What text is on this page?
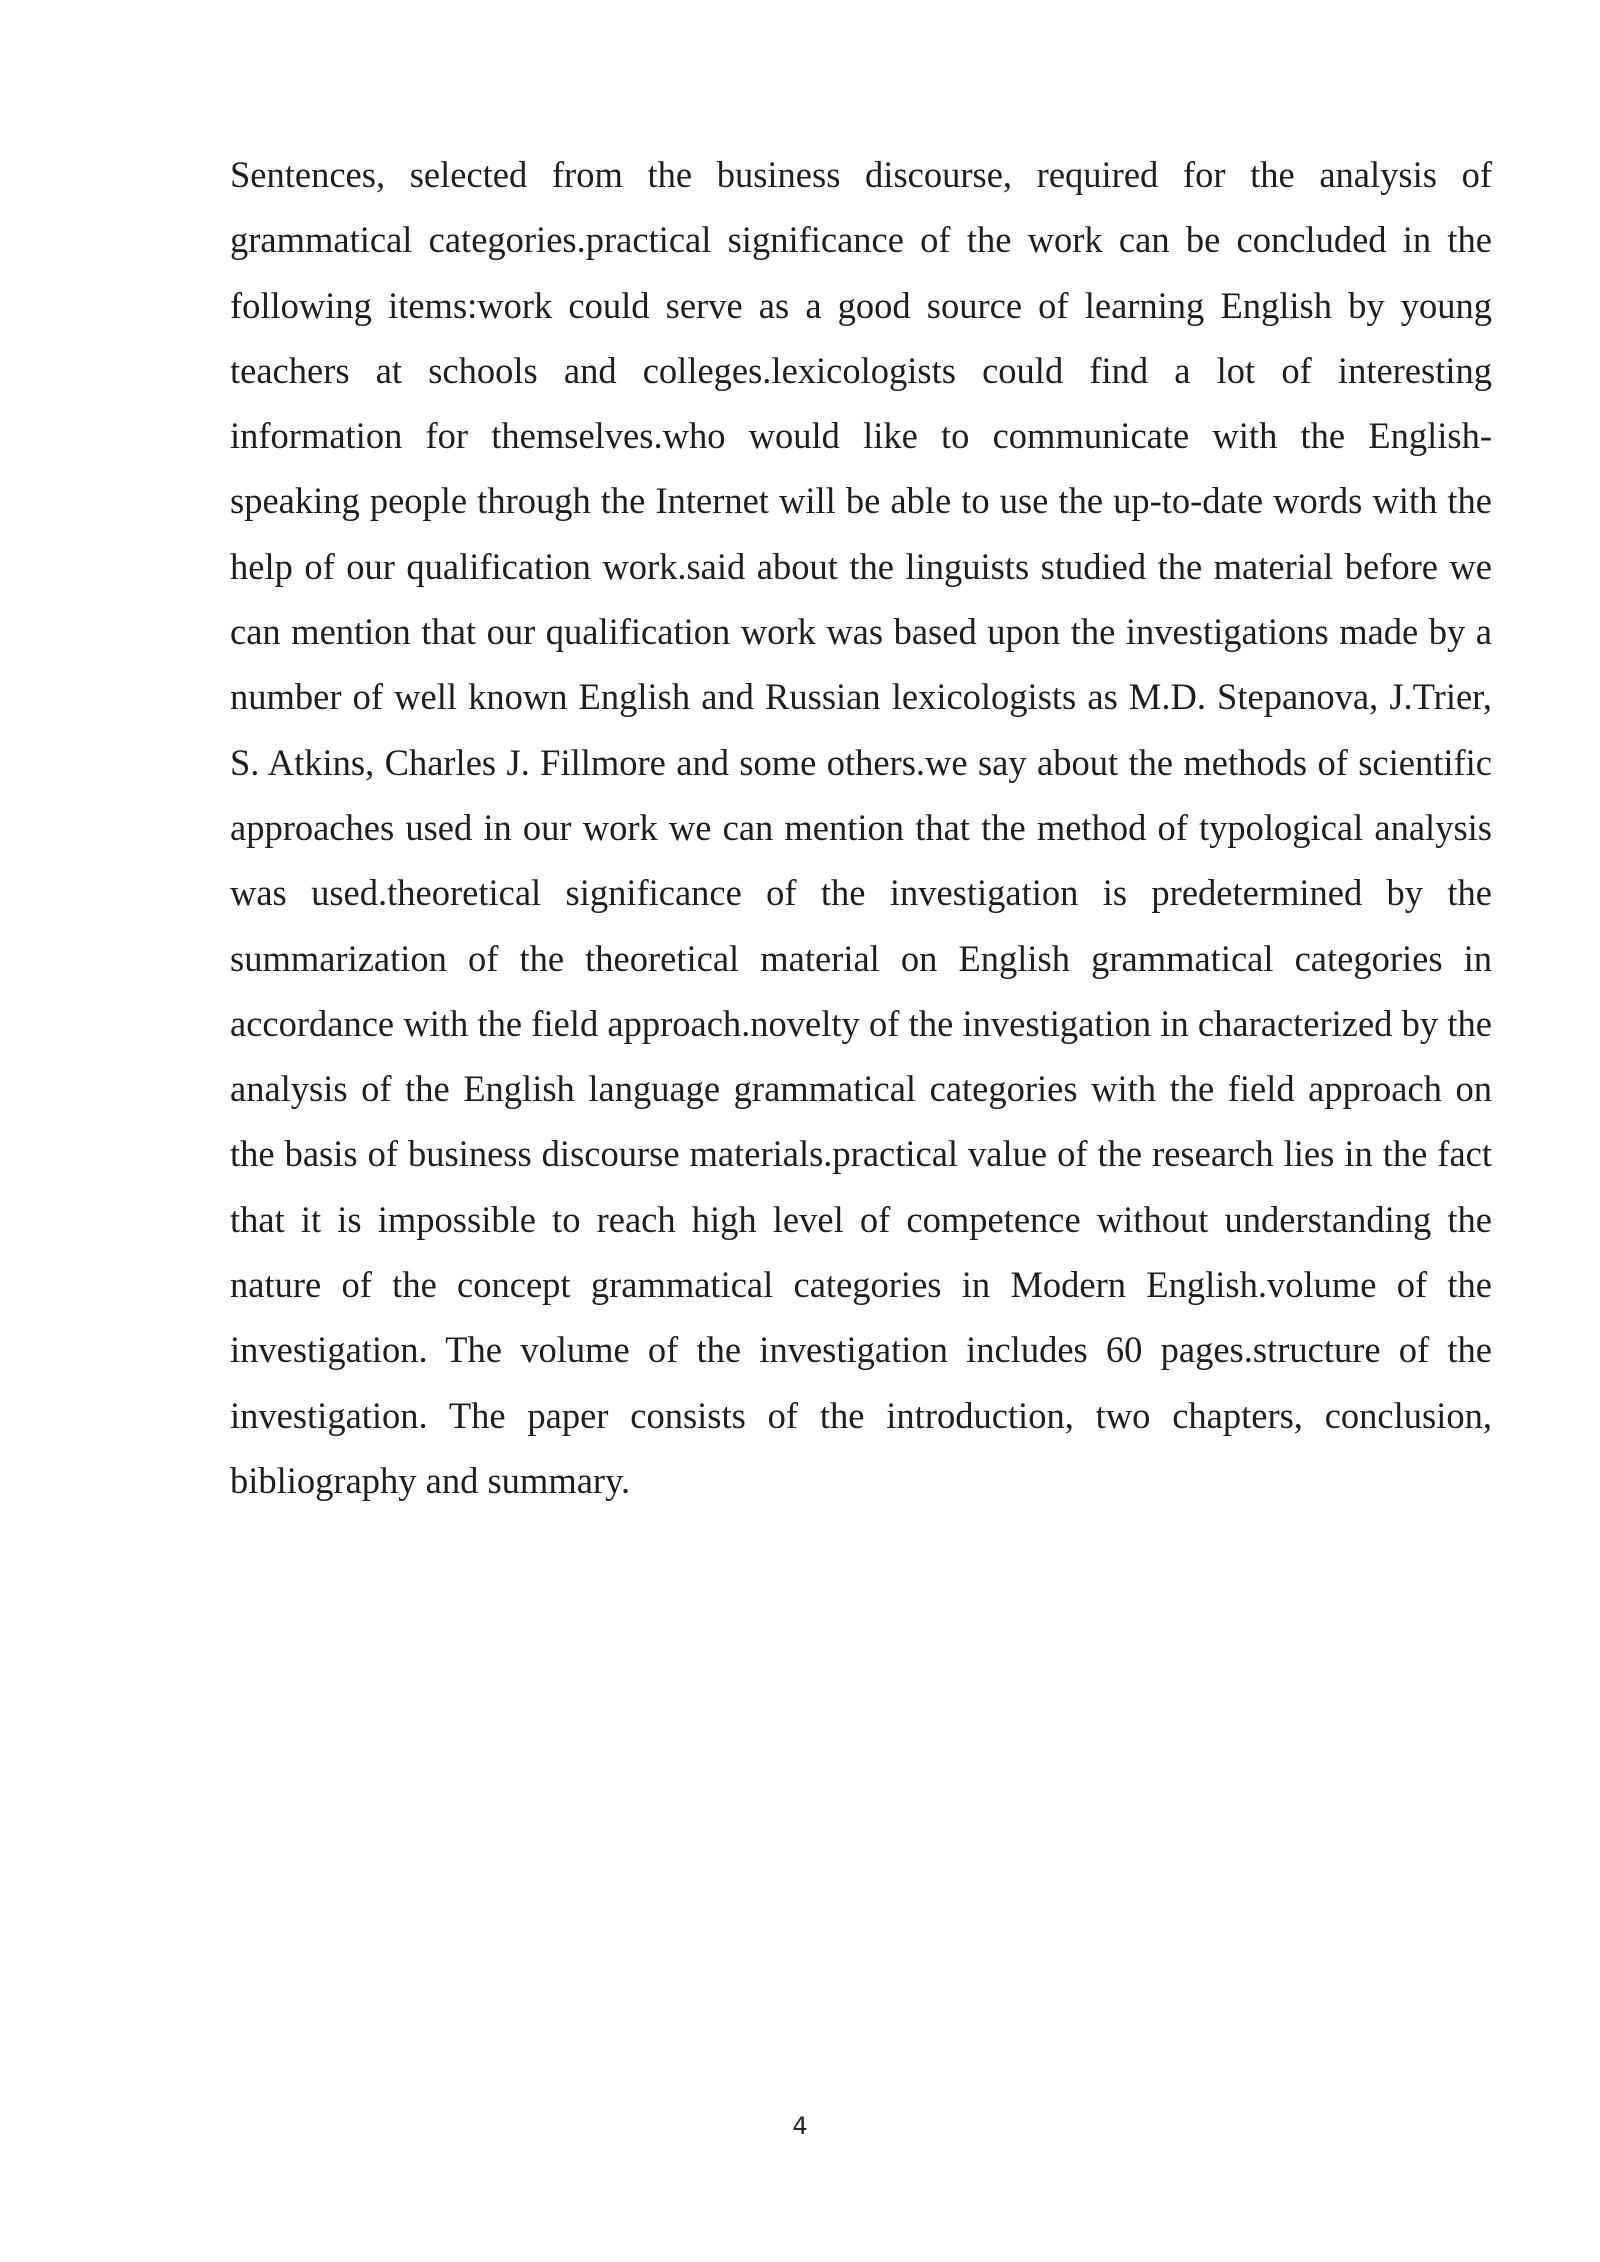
Sentences, selected from the business discourse, required for the analysis of grammatical categories.practical significance of the work can be concluded in the following items:work could serve as a good source of learning English by young teachers at schools and colleges.lexicologists could find a lot of interesting information for themselves.who would like to communicate with the English-speaking people through the Internet will be able to use the up-to-date words with the help of our qualification work.said about the linguists studied the material before we can mention that our qualification work was based upon the investigations made by a number of well known English and Russian lexicologists as M.D. Stepanova, J.Trier, S. Atkins, Charles J. Fillmore and some others.we say about the methods of scientific approaches used in our work we can mention that the method of typological analysis was used.theoretical significance of the investigation is predetermined by the summarization of the theoretical material on English grammatical categories in accordance with the field approach.novelty of the investigation in characterized by the analysis of the English language grammatical categories with the field approach on the basis of business discourse materials.practical value of the research lies in the fact that it is impossible to reach high level of competence without understanding the nature of the concept grammatical categories in Modern English.volume of the investigation. The volume of the investigation includes 60 pages.structure of the investigation. The paper consists of the introduction, two chapters, conclusion, bibliography and summary.

4
